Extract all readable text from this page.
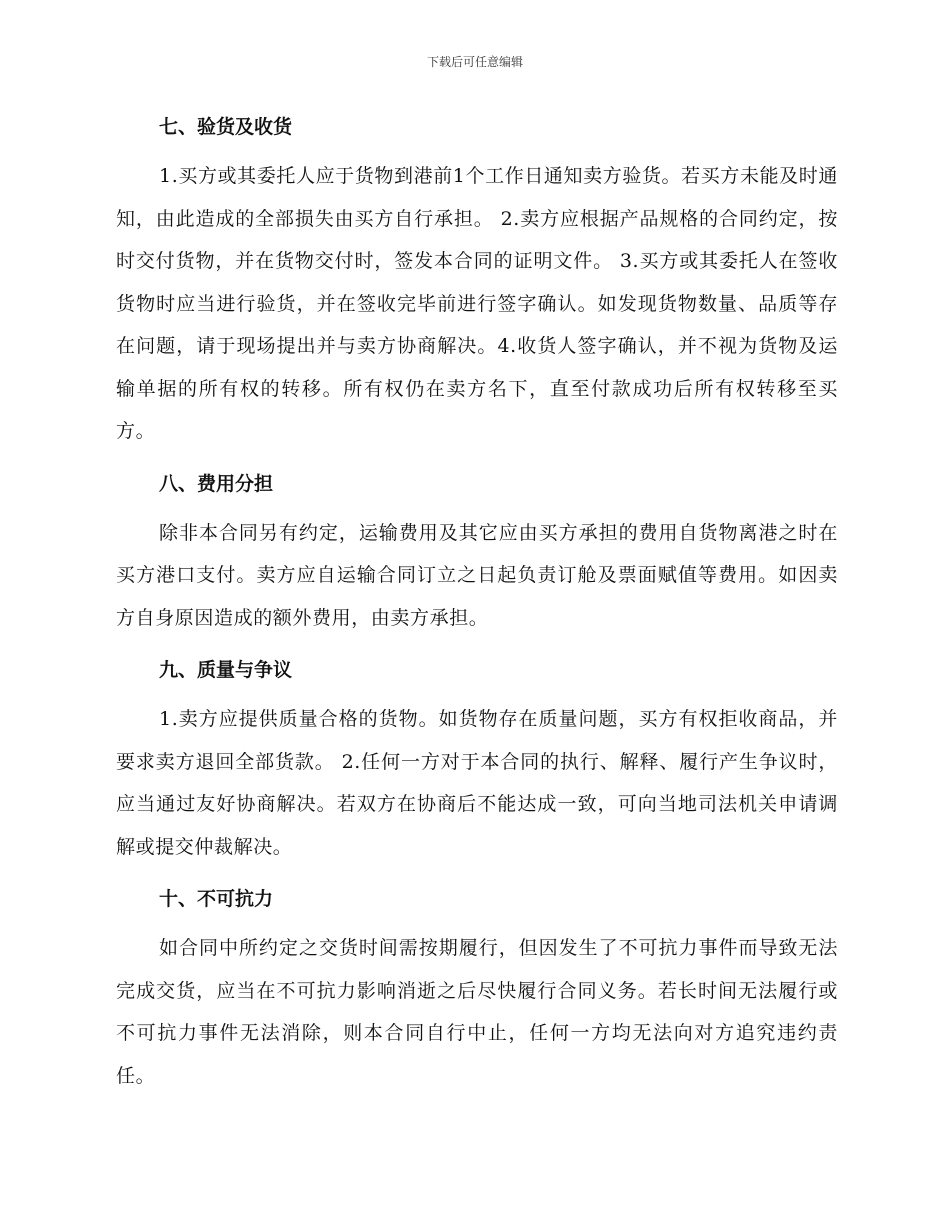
下载后可任意编辑
七、验货及收货

1.买方或其委托人应于货物到港前1个工作日通知卖方验货。若买方未能及时通知，由此造成的全部损失由买方自行承担。 2.卖方应根据产品规格的合同约定，按时交付货物，并在货物交付时，签发本合同的证明文件。 3.买方或其委托人在签收货物时应当进行验货，并在签收完毕前进行签字确认。如发现货物数量、品质等存在问题，请于现场提出并与卖方协商解决。4.收货人签字确认，并不视为货物及运输单据的所有权的转移。所有权仍在卖方名下，直至付款成功后所有权转移至买方。

八、费用分担

除非本合同另有约定，运输费用及其它应由买方承担的费用自货物离港之时在买方港口支付。卖方应自运输合同订立之日起负责订舱及票面赋值等费用。如因卖方自身原因造成的额外费用，由卖方承担。

九、质量与争议

1.卖方应提供质量合格的货物。如货物存在质量问题，买方有权拒收商品，并要求卖方退回全部货款。 2.任何一方对于本合同的执行、解释、履行产生争议时，应当通过友好协商解决。若双方在协商后不能达成一致，可向当地司法机关申请调解或提交仲裁解决。

十、不可抗力

如合同中所约定之交货时间需按期履行，但因发生了不可抗力事件而导致无法完成交货，应当在不可抗力影响消逝之后尽快履行合同义务。若长时间无法履行或不可抗力事件无法消除，则本合同自行中止，任何一方均无法向对方追究违约责任。
